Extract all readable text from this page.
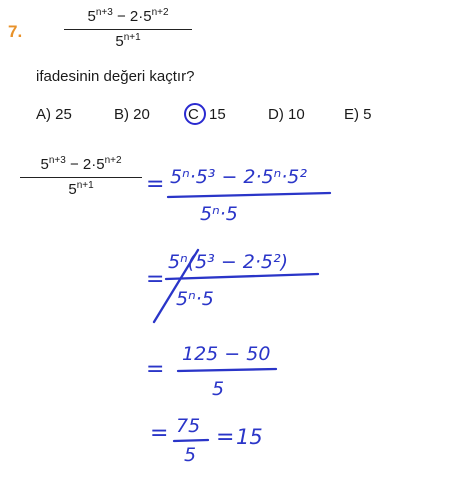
7.
$5^{n+3} - 2\cdot 5^{n+2}$
$5^{n+1}$
ifadesinin değeri kaçtır?
A) 25	B) 20	C 15	D) 10	E) 5
$5^{n+3} - 2\cdot 5^{n+2}$
$5^{n+1}$	= 5ⁿ·5³ − 2·5ⁿ·5²
5ⁿ·5
=
5ⁿ(5³ − 2·5²)
5ⁿ·5
=
125 − 50
5
= 75
5
= 15
